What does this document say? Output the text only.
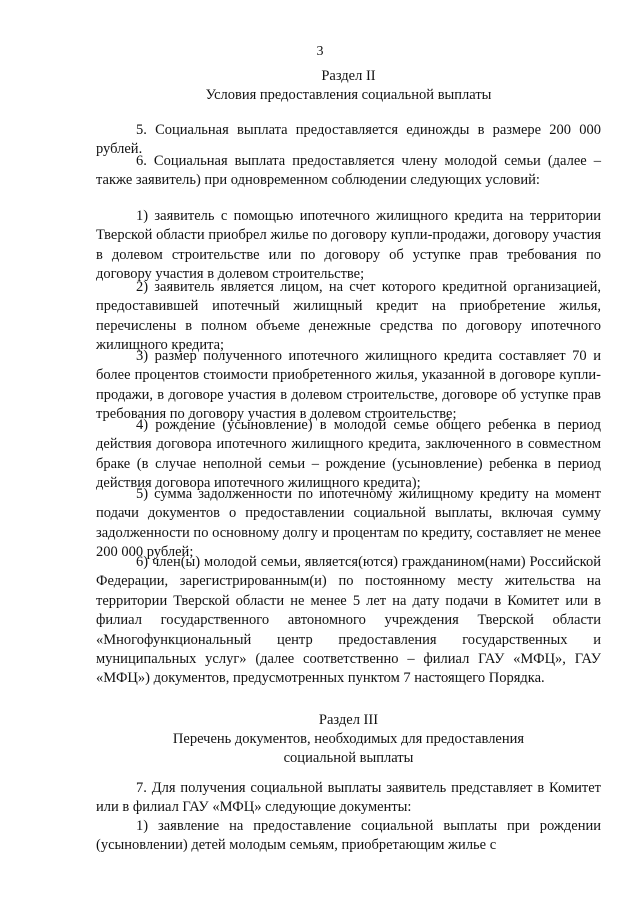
3
Раздел II
Условия предоставления социальной выплаты
5. Социальная выплата предоставляется единожды в размере 200 000 рублей.
6. Социальная выплата предоставляется члену молодой семьи (далее – также заявитель) при одновременном соблюдении следующих условий:
1) заявитель с помощью ипотечного жилищного кредита на территории Тверской области приобрел жилье по договору купли-продажи, договору участия в долевом строительстве или по договору об уступке прав требования по договору участия в долевом строительстве;
2) заявитель является лицом, на счет которого кредитной организацией, предоставившей ипотечный жилищный кредит на приобретение жилья, перечислены в полном объеме денежные средства по договору ипотечного жилищного кредита;
3) размер полученного ипотечного жилищного кредита составляет 70 и более процентов стоимости приобретенного жилья, указанной в договоре купли-продажи, в договоре участия в долевом строительстве, договоре об уступке прав требования по договору участия в долевом строительстве;
4) рождение (усыновление) в молодой семье общего ребенка в период действия договора ипотечного жилищного кредита, заключенного в совместном браке (в случае неполной семьи – рождение (усыновление) ребенка в период действия договора ипотечного жилищного кредита);
5) сумма задолженности по ипотечному жилищному кредиту на момент подачи документов о предоставлении социальной выплаты, включая сумму задолженности по основному долгу и процентам по кредиту, составляет не менее 200 000 рублей;
6) член(ы) молодой семьи, является(ются) гражданином(нами) Российской Федерации, зарегистрированным(и) по постоянному месту жительства на территории Тверской области не менее 5 лет на дату подачи в Комитет или в филиал государственного автономного учреждения Тверской области «Многофункциональный центр предоставления государственных и муниципальных услуг» (далее соответственно – филиал ГАУ «МФЦ», ГАУ «МФЦ») документов, предусмотренных пунктом 7 настоящего Порядка.
Раздел III
Перечень документов, необходимых для предоставления
социальной выплаты
7. Для получения социальной выплаты заявитель представляет в Комитет или в филиал ГАУ «МФЦ» следующие документы:
1) заявление на предоставление социальной выплаты при рождении (усыновлении) детей молодым семьям, приобретающим жилье с
